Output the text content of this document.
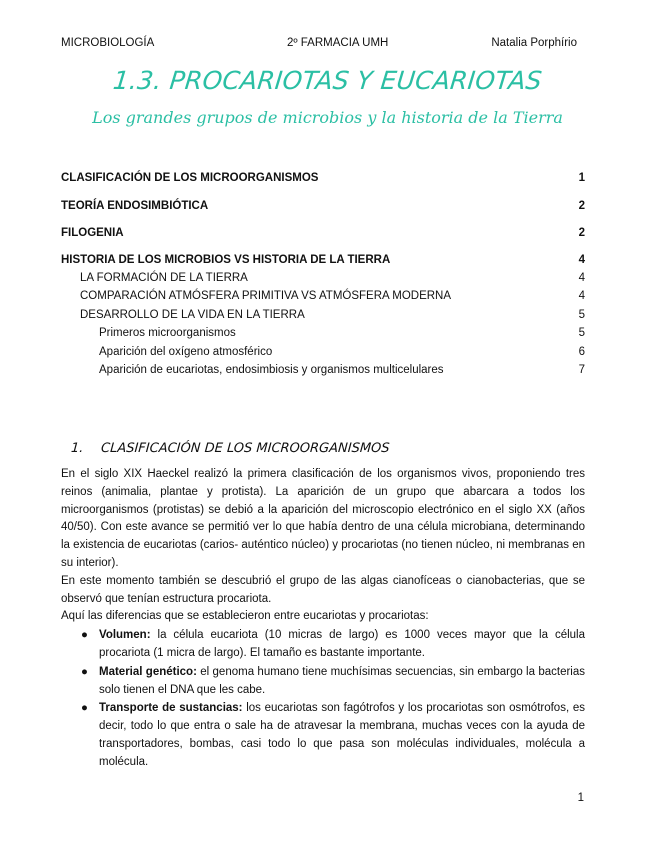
MICROBIOLOGÍA	2º FARMACIA UMH	Natalia Porphírio
1.3. PROCARIOTAS Y EUCARIOTAS
Los grandes grupos de microbios y la historia de la Tierra
CLASIFICACIÓN DE LOS MICROORGANISMOS	1
TEORÍA ENDOSIMBIÓTICA	2
FILOGENIA	2
HISTORIA DE LOS MICROBIOS VS HISTORIA DE LA TIERRA	4
LA FORMACIÓN DE LA TIERRA	4
COMPARACIÓN ATMÓSFERA PRIMITIVA VS ATMÓSFERA MODERNA	4
DESARROLLO DE LA VIDA EN LA TIERRA	5
Primeros microorganismos	5
Aparición del oxígeno atmosférico	6
Aparición de eucariotas, endosimbiosis y organismos multicelulares	7
1. CLASIFICACIÓN DE LOS MICROORGANISMOS

En el siglo XIX Haeckel realizó la primera clasificación de los organismos vivos, proponiendo tres reinos (animalia, plantae y protista). La aparición de un grupo que abarcara a todos los microorganismos (protistas) se debió a la aparición del microscopio electrónico en el siglo XX (años 40/50). Con este avance se permitió ver lo que había dentro de una célula microbiana, determinando la existencia de eucariotas (carios- auténtico núcleo) y procariotas (no tienen núcleo, ni membranas en su interior).

En este momento también se descubrió el grupo de las algas cianofíceas o cianobacterias, que se observó que tenían estructura procariota.

Aquí las diferencias que se establecieron entre eucariotas y procariotas:

● Volumen: la célula eucariota (10 micras de largo) es 1000 veces mayor que la célula procariota (1 micra de largo). El tamaño es bastante importante.
● Material genético: el genoma humano tiene muchísimas secuencias, sin embargo la bacterias solo tienen el DNA que les cabe.
● Transporte de sustancias: los eucariotas son fagótrofos y los procariotas son osmótrofos, es decir, todo lo que entra o sale ha de atravesar la membrana, muchas veces con la ayuda de transportadores, bombas, casi todo lo que pasa son moléculas individuales, molécula a molécula.
1
